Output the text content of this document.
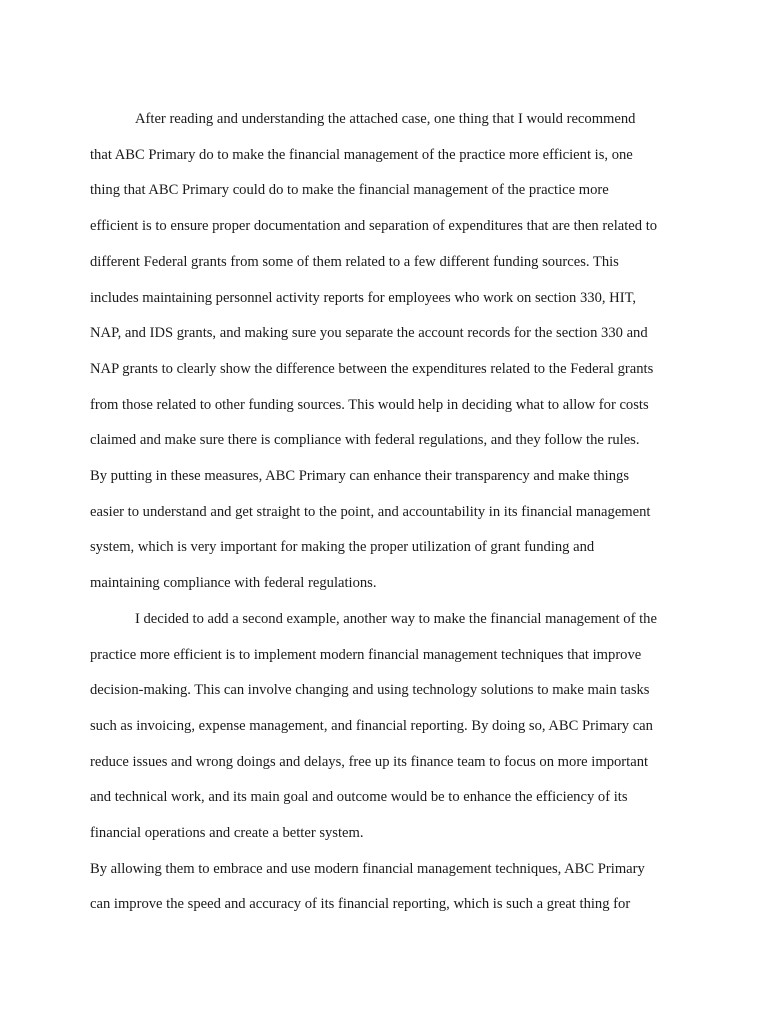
After reading and understanding the attached case, one thing that I would recommend
that ABC Primary do to make the financial management of the practice more efficient is, one
thing that ABC Primary could do to make the financial management of the practice more
efficient is to ensure proper documentation and separation of expenditures that are then related to
different Federal grants from some of them related to a few different funding sources. This
includes maintaining personnel activity reports for employees who work on section 330, HIT,
NAP, and IDS grants, and making sure you separate the account records for the section 330 and
NAP grants to clearly show the difference between the expenditures related to the Federal grants
from those related to other funding sources. This would help in deciding what to allow for costs
claimed and make sure there is compliance with federal regulations, and they follow the rules.
By putting in these measures, ABC Primary can enhance their transparency and make things
easier to understand and get straight to the point, and accountability in its financial management
system, which is very important for making the proper utilization of grant funding and
maintaining compliance with federal regulations.
I decided to add a second example, another way to make the financial management of the
practice more efficient is to implement modern financial management techniques that improve
decision-making. This can involve changing and using technology solutions to make main tasks
such as invoicing, expense management, and financial reporting. By doing so, ABC Primary can
reduce issues and wrong doings and delays, free up its finance team to focus on more important
and technical work, and its main goal and outcome would be to enhance the efficiency of its
financial operations and create a better system.
By allowing them to embrace and use modern financial management techniques, ABC Primary
can improve the speed and accuracy of its financial reporting, which is such a great thing for
